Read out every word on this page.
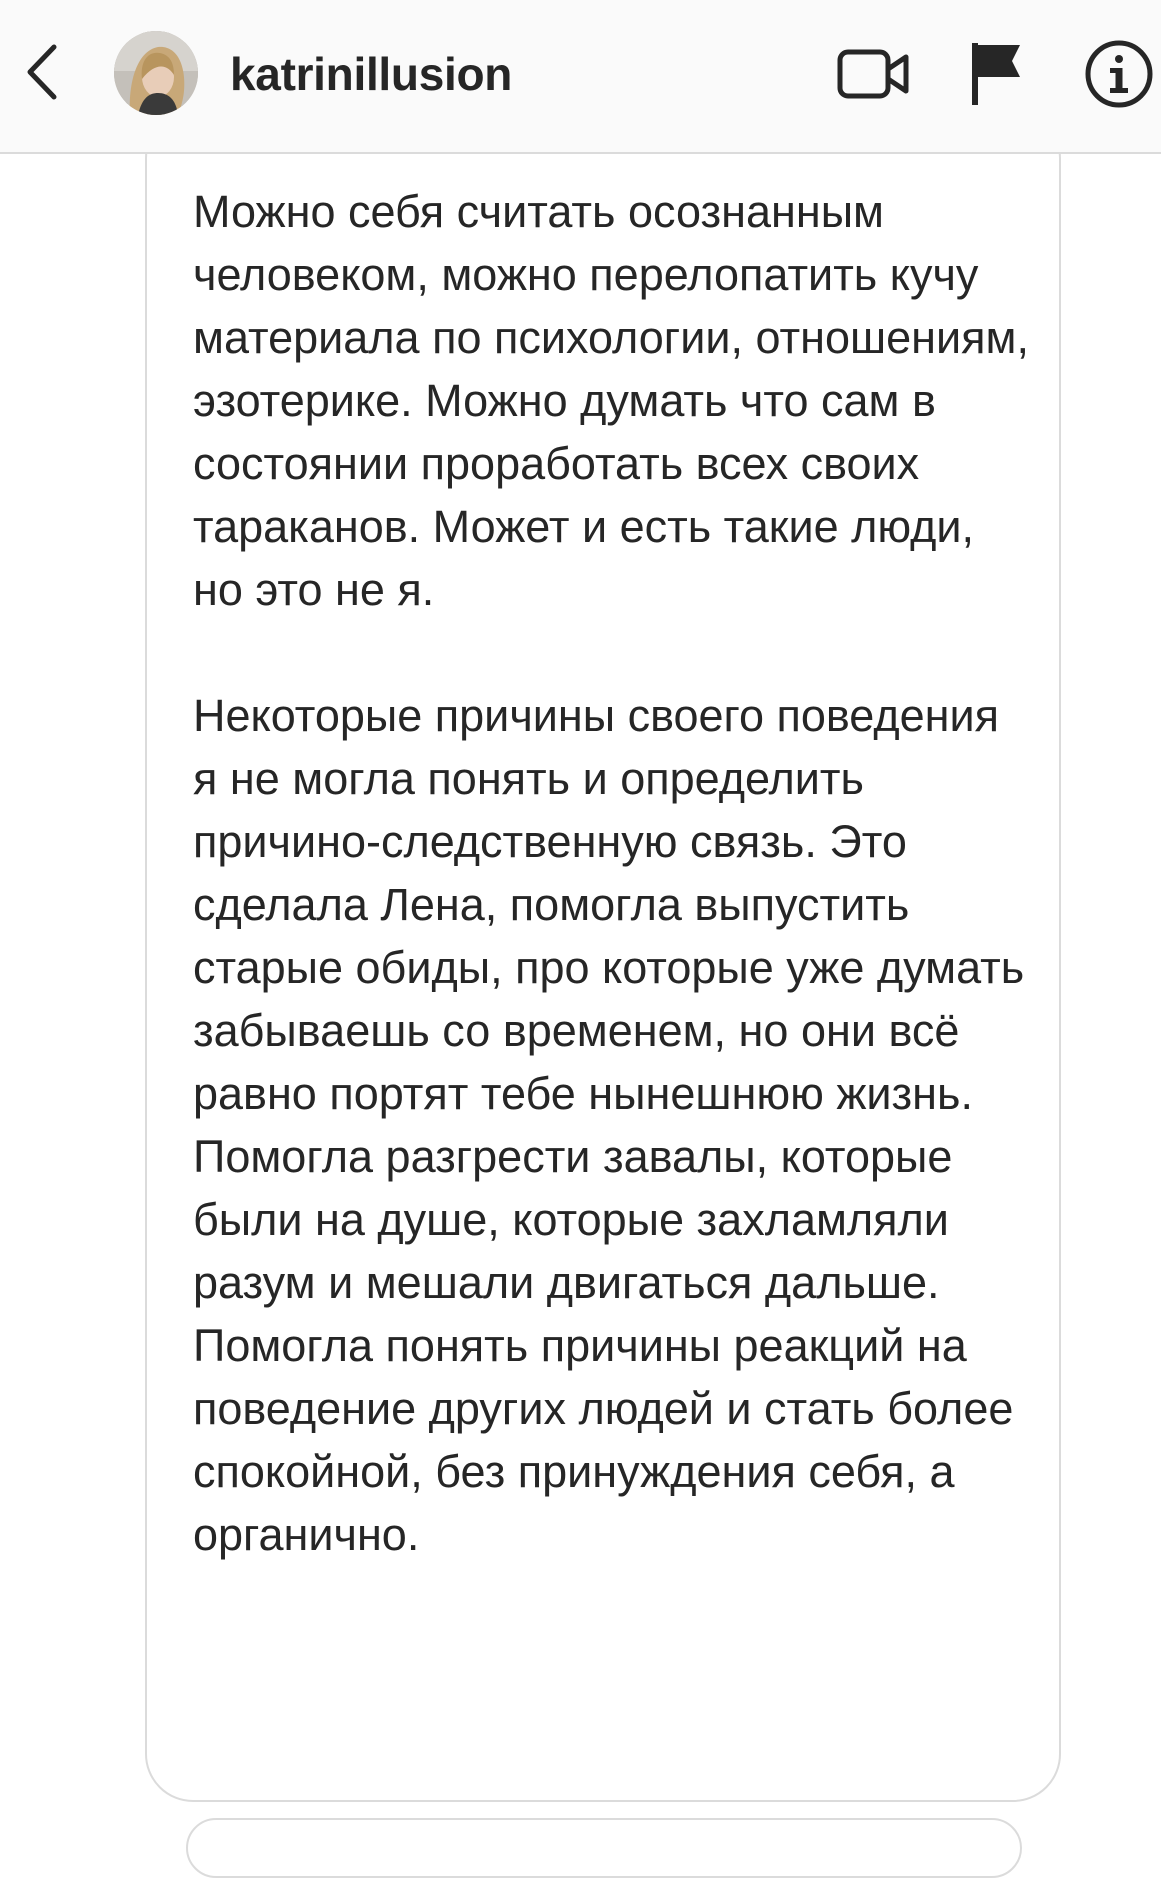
katrinillusion

Можно себя считать осознанным человеком, можно перелопатить кучу материала по психологии, отношениям, эзотерике. Можно думать что сам в состоянии проработать всех своих тараканов. Может и есть такие люди, но это не я.

Некоторые причины своего поведения я не могла понять и определить причино-следственную связь. Это сделала Лена, помогла выпустить старые обиды, про которые уже думать забываешь со временем, но они всё равно портят тебе нынешнюю жизнь. Помогла разгрести завалы, которые были на душе, которые захламляли разум и мешали двигаться дальше. Помогла понять причины реакций на поведение других людей и стать более спокойной, без принуждения себя, а органично.
